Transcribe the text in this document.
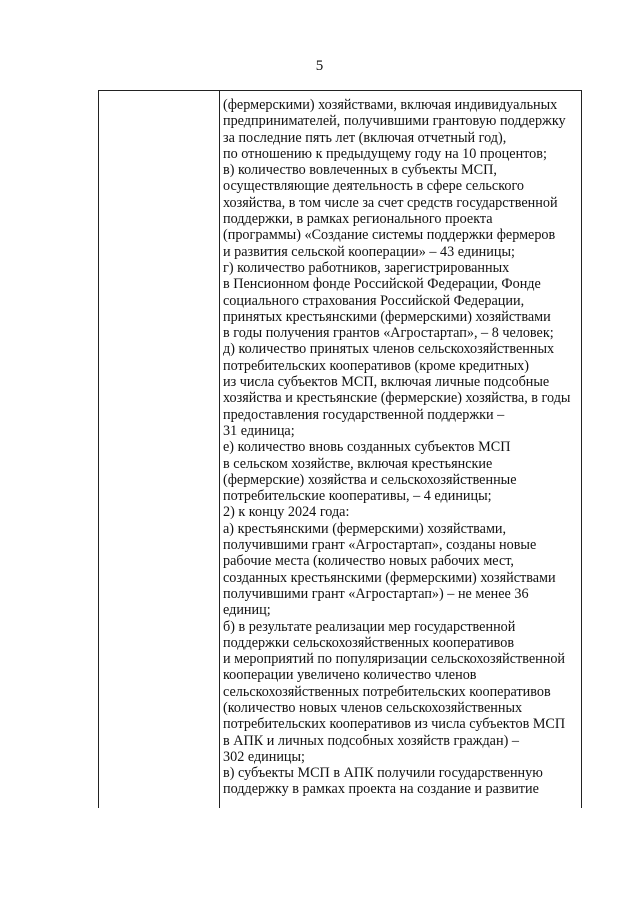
5
(фермерскими) хозяйствами, включая индивидуальных
предпринимателей, получившими грантовую поддержку
за последние пять лет (включая отчетный год),
по отношению к предыдущему году на 10 процентов;
в) количество вовлеченных в субъекты МСП,
осуществляющие деятельность в сфере сельского
хозяйства, в том числе за счет средств государственной
поддержки, в рамках регионального проекта
(программы) «Создание системы поддержки фермеров
и развития сельской кооперации» – 43 единицы;
г) количество работников, зарегистрированных
в Пенсионном фонде Российской Федерации, Фонде
социального страхования Российской Федерации,
принятых крестьянскими (фермерскими) хозяйствами
в годы получения грантов «Агростартап», – 8 человек;
д) количество принятых членов сельскохозяйственных
потребительских кооперативов (кроме кредитных)
из числа субъектов МСП, включая личные подсобные
хозяйства и крестьянские (фермерские) хозяйства, в годы
предоставления государственной поддержки –
31 единица;
е) количество вновь созданных субъектов МСП
в сельском хозяйстве, включая крестьянские
(фермерские) хозяйства и сельскохозяйственные
потребительские кооперативы, – 4 единицы;
2) к концу 2024 года:
а) крестьянскими (фермерскими) хозяйствами,
получившими грант «Агростартап», созданы новые
рабочие места (количество новых рабочих мест,
созданных крестьянскими (фермерскими) хозяйствами
получившими грант «Агростартап») – не менее 36
единиц;
б) в результате реализации мер государственной
поддержки сельскохозяйственных кооперативов
и мероприятий по популяризации сельскохозяйственной
кооперации увеличено количество членов
сельскохозяйственных потребительских кооперативов
(количество новых членов сельскохозяйственных
потребительских кооперативов из числа субъектов МСП
в АПК и личных подсобных хозяйств граждан) –
302 единицы;
в) субъекты МСП в АПК получили государственную
поддержку в рамках проекта на создание и развитие
